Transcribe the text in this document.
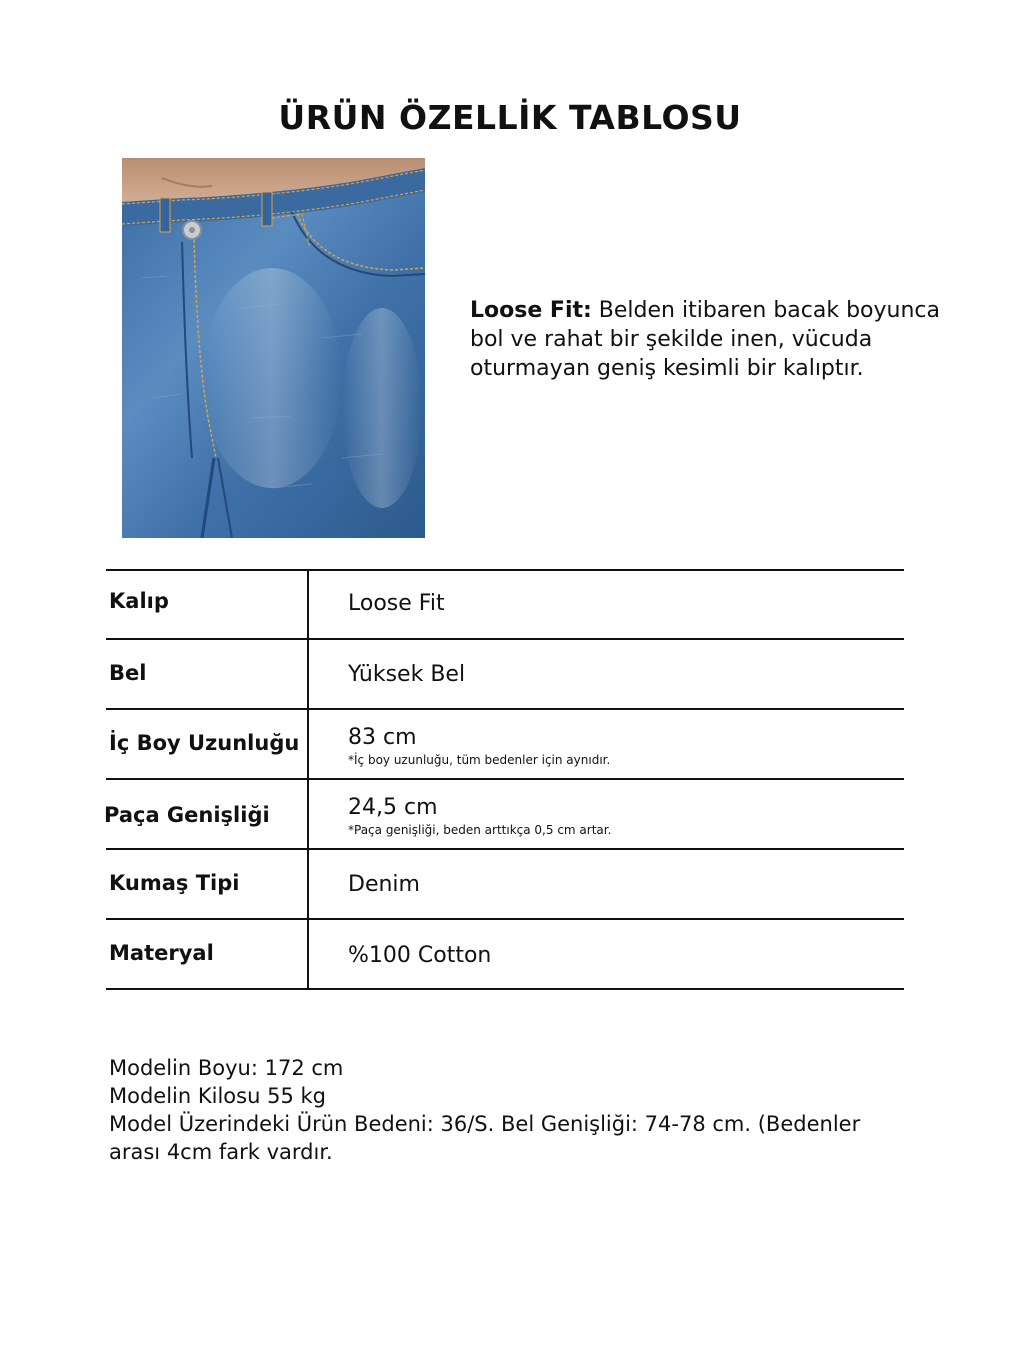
ÜRÜN ÖZELLİK TABLOSU
Loose Fit: Belden itibaren bacak boyunca bol ve rahat bir şekilde inen, vücuda oturmayan geniş kesimli bir kalıptır.
Kalıp	Loose Fit
Bel	Yüksek Bel
İç Boy Uzunluğu 83 cm
*İç boy uzunluğu, tüm bedenler için aynıdır.
Paça Genişliği	24,5 cm
*Paça genişliği, beden arttıkça 0,5 cm artar.
Kumaş Tipi	Denim
Materyal	%100 Cotton
Modelin Boyu: 172 cm
Modelin Kilosu 55 kg
Model Üzerindeki Ürün Bedeni: 36/S. Bel Genişliği: 74-78 cm. (Bedenler
arası 4cm fark vardır.
